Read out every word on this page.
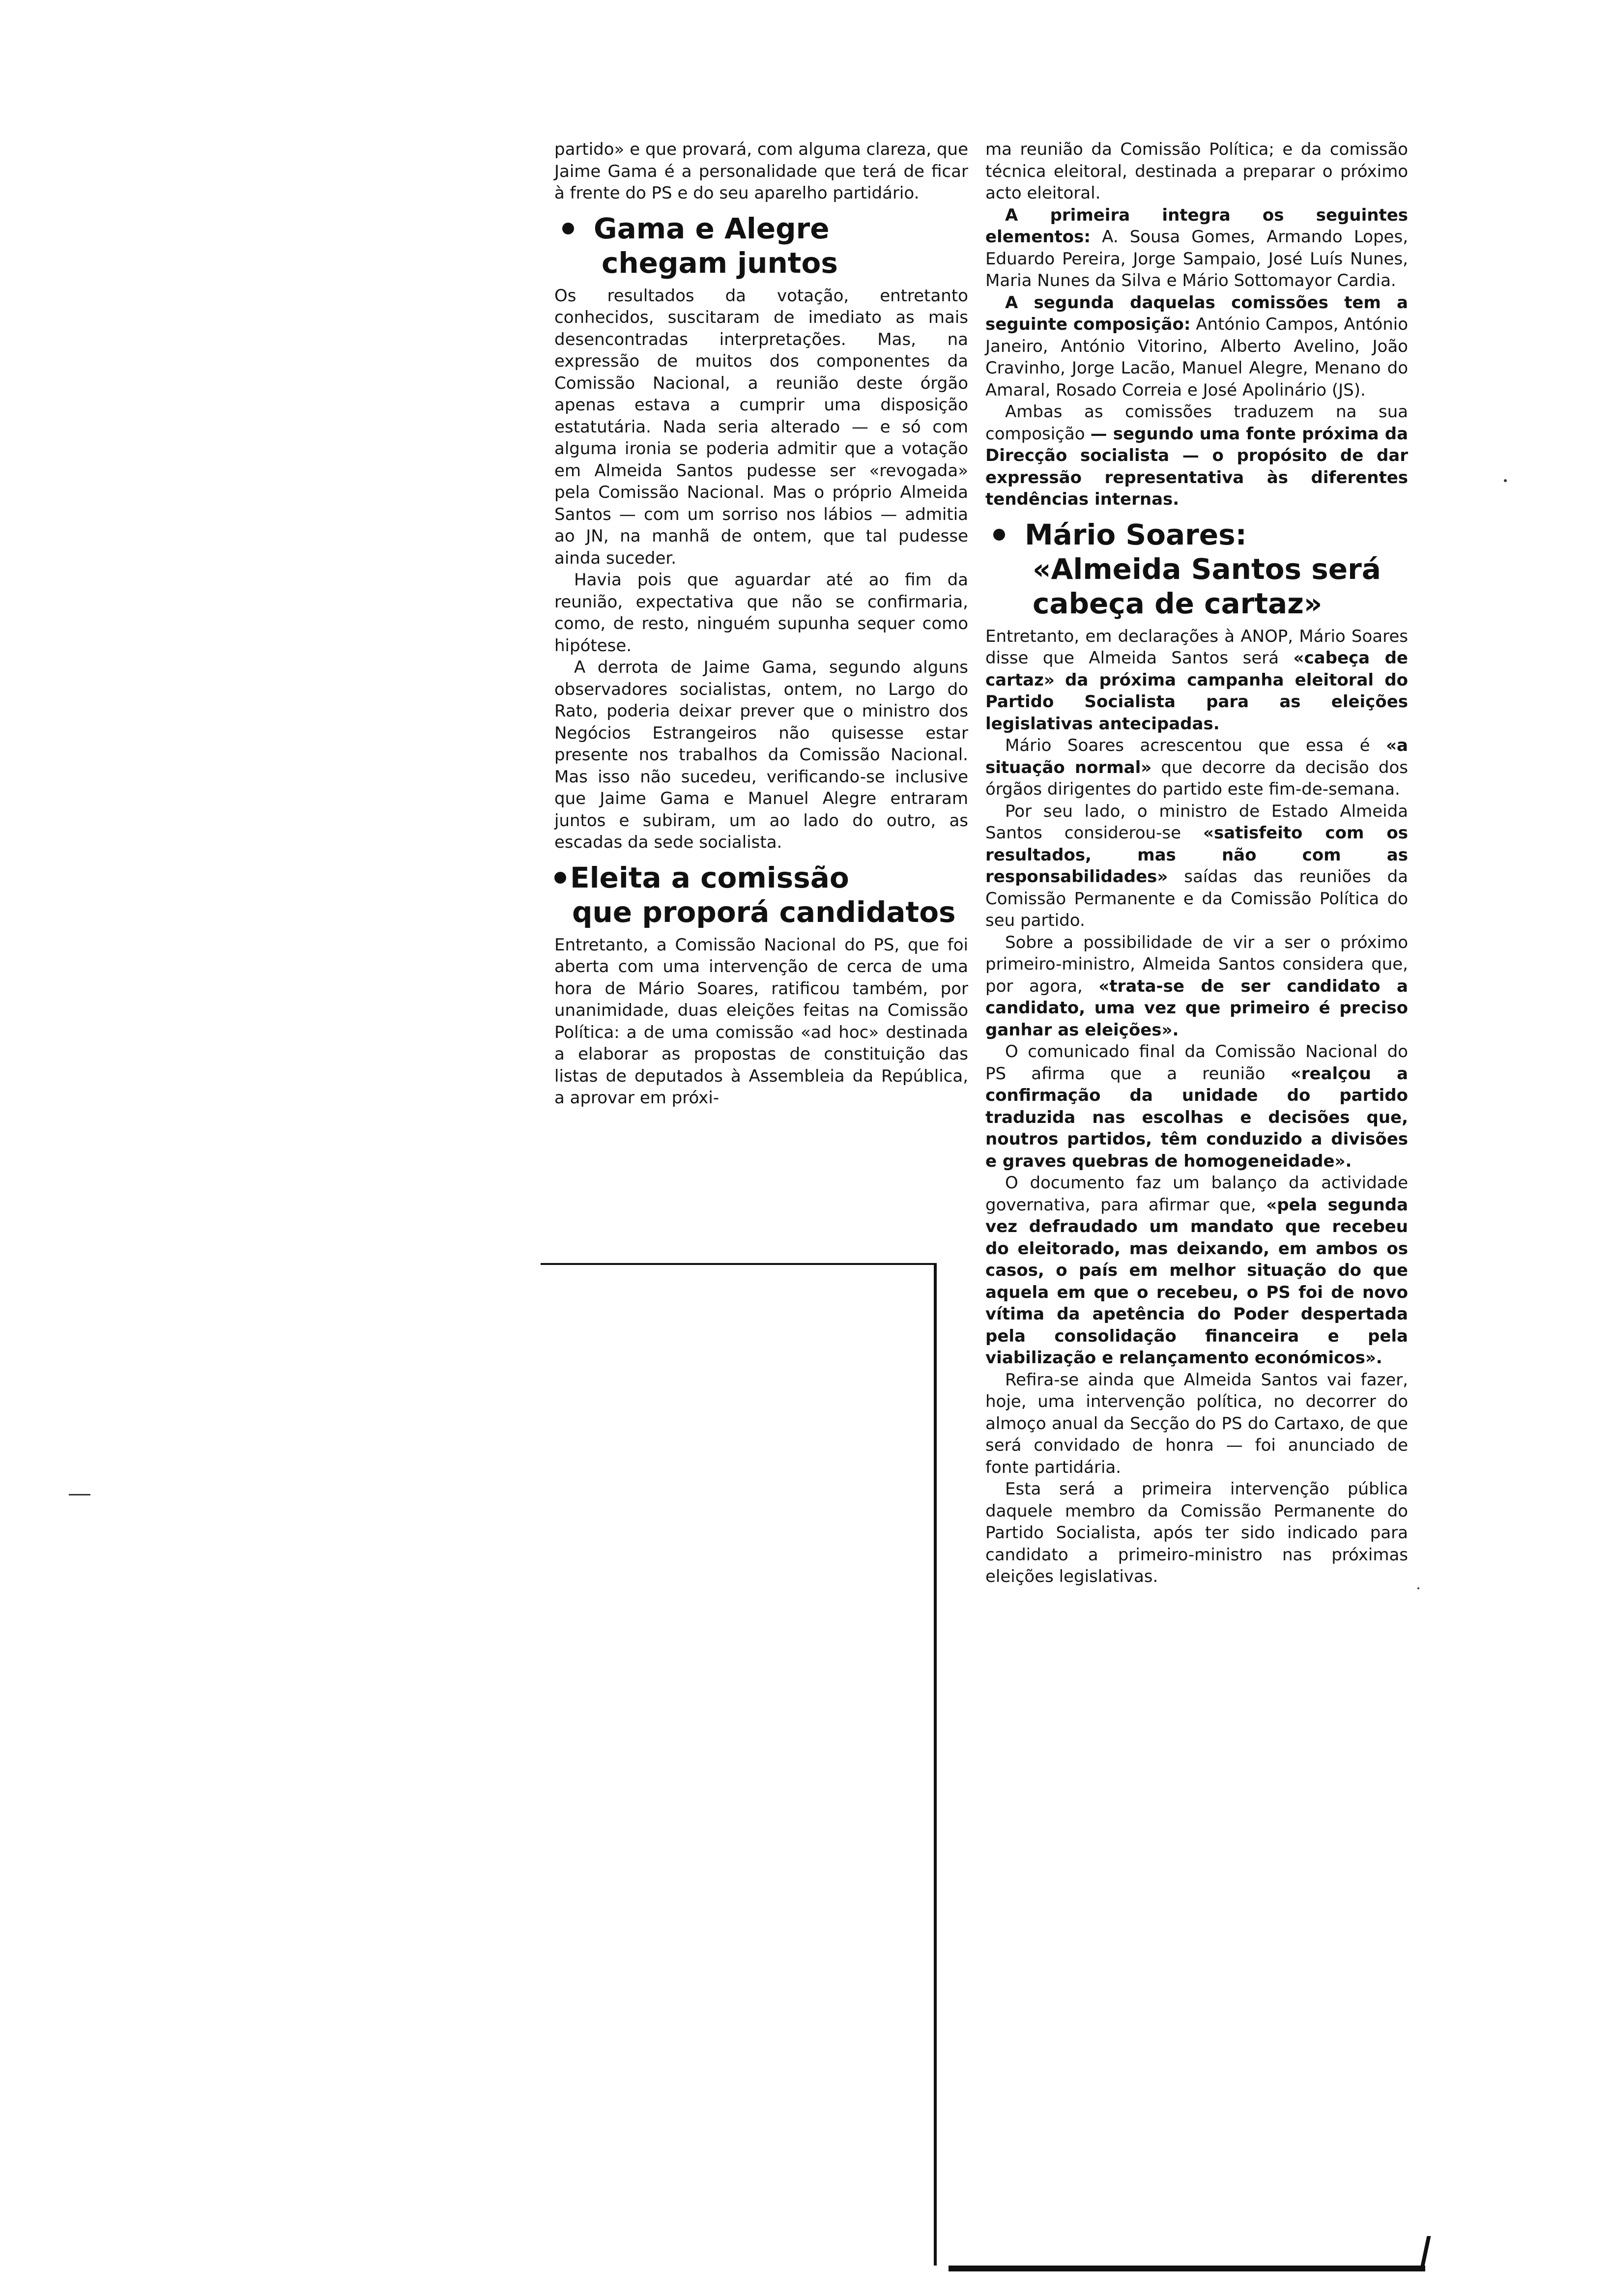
partido» e que provará, com alguma clareza, que Jaime Gama é a personalidade que terá de ficar à frente do PS e do seu aparelho partidário.

Gama e Alegre
chegam juntos

Os resultados da votação, entretanto conhecidos, suscitaram de imediato as mais desencontradas interpretações. Mas, na expressão de muitos dos componentes da Comissão Nacional, a reunião deste órgão apenas estava a cumprir uma disposição estatutária. Nada seria alterado — e só com alguma ironia se poderia admitir que a votação em Almeida Santos pudesse ser «revogada» pela Comissão Nacional. Mas o próprio Almeida Santos — com um sorriso nos lábios — admitia ao JN, na manhã de ontem, que tal pudesse ainda suceder.

Havia pois que aguardar até ao fim da reunião, expectativa que não se confirmaria, como, de resto, ninguém supunha sequer como hipótese.

A derrota de Jaime Gama, segundo alguns observadores socialistas, ontem, no Largo do Rato, poderia deixar prever que o ministro dos Negócios Estrangeiros não quisesse estar presente nos trabalhos da Comissão Nacional. Mas isso não sucedeu, verificando-se inclusive que Jaime Gama e Manuel Alegre entraram juntos e subiram, um ao lado do outro, as escadas da sede socialista.

Eleita a comissão
que proporá candidatos

Entretanto, a Comissão Nacional do PS, que foi aberta com uma intervenção de cerca de uma hora de Mário Soares, ratificou também, por unanimidade, duas eleições feitas na Comissão Política: a de uma comissão «ad hoc» destinada a elaborar as propostas de constituição das listas de deputados à Assembleia da República, a aprovar em próxi-

ma reunião da Comissão Política; e da comissão técnica eleitoral, destinada a preparar o próximo acto eleitoral.

A primeira integra os seguintes elementos: A. Sousa Gomes, Armando Lopes, Eduardo Pereira, Jorge Sampaio, José Luís Nunes, Maria Nunes da Silva e Mário Sottomayor Cardia.

A segunda daquelas comissões tem a seguinte composição: António Campos, António Janeiro, António Vitorino, Alberto Avelino, João Cravinho, Jorge Lacão, Manuel Alegre, Menano do Amaral, Rosado Correia e José Apolinário (JS).

Ambas as comissões traduzem na sua composição — segundo uma fonte próxima da Direcção socialista — o propósito de dar expressão representativa às diferentes tendências internas.

Mário Soares:
«Almeida Santos será
cabeça de cartaz»

Entretanto, em declarações à ANOP, Mário Soares disse que Almeida Santos será «cabeça de cartaz» da próxima campanha eleitoral do Partido Socialista para as eleições legislativas antecipadas.

Mário Soares acrescentou que essa é «a situação normal» que decorre da decisão dos órgãos dirigentes do partido este fim-de-semana.

Por seu lado, o ministro de Estado Almeida Santos considerou-se «satisfeito com os resultados, mas não com as responsabilidades» saídas das reuniões da Comissão Permanente e da Comissão Política do seu partido.

Sobre a possibilidade de vir a ser o próximo primeiro-ministro, Almeida Santos considera que, por agora, «trata-se de ser candidato a candidato, uma vez que primeiro é preciso ganhar as eleições».

O comunicado final da Comissão Nacional do PS afirma que a reunião «realçou a confirmação da unidade do partido traduzida nas escolhas e decisões que, noutros partidos, têm conduzido a divisões e graves quebras de homogeneidade».

O documento faz um balanço da actividade governativa, para afirmar que, «pela segunda vez defraudado um mandato que recebeu do eleitorado, mas deixando, em ambos os casos, o país em melhor situação do que aquela em que o recebeu, o PS foi de novo vítima da apetência do Poder despertada pela consolidação financeira e pela viabilização e relançamento económicos».

Refira-se ainda que Almeida Santos vai fazer, hoje, uma intervenção política, no decorrer do almoço anual da Secção do PS do Cartaxo, de que será convidado de honra — foi anunciado de fonte partidária.

Esta será a primeira intervenção pública daquele membro da Comissão Permanente do Partido Socialista, após ter sido indicado para candidato a primeiro-ministro nas próximas eleições legislativas.
